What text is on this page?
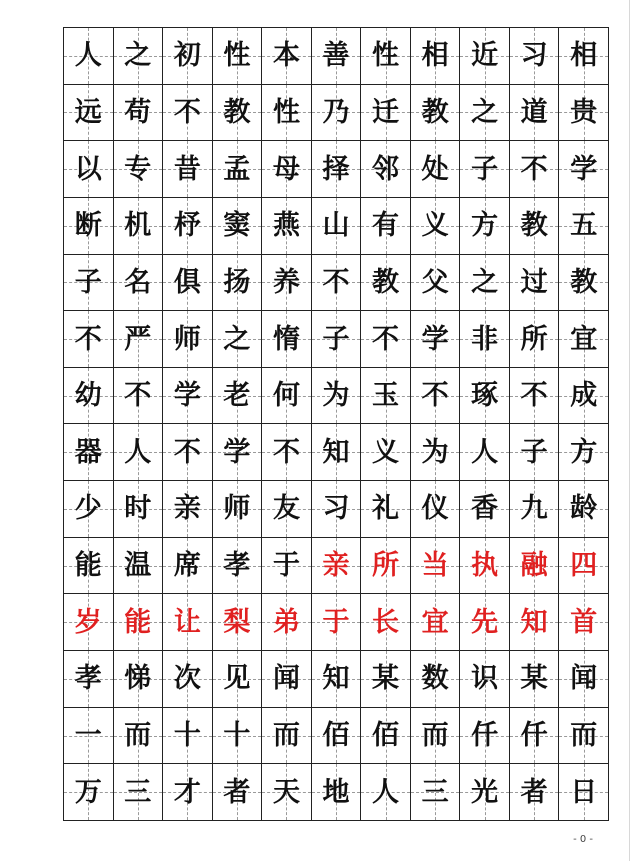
人 之 初 性 本 善 性 相 近 习 相
远 苟 不 教 性 乃 迁 教 之 道 贵
以 专 昔 孟 母 择 邻 处 子 不 学
断 机 杼 窦 燕 山 有 义 方 教 五
子 名 俱 扬 养 不 教 父 之 过 教
不 严 师 之 惰 子 不 学 非 所 宜
幼 不 学 老 何 为 玉 不 琢 不 成
器 人 不 学 不 知 义 为 人 子 方
少 时 亲 师 友 习 礼 仪 香 九 龄
能 温 席 孝 于 亲 所 当 执 融 四
岁 能 让 梨 弟 于 长 宜 先 知 首
孝 悌 次 见 闻 知 某 数 识 某 闻
一 而 十 十 而 佰 佰 而 仟 仟 而
万 三 才 者 天 地 人 三 光 者 日
- 0 -
